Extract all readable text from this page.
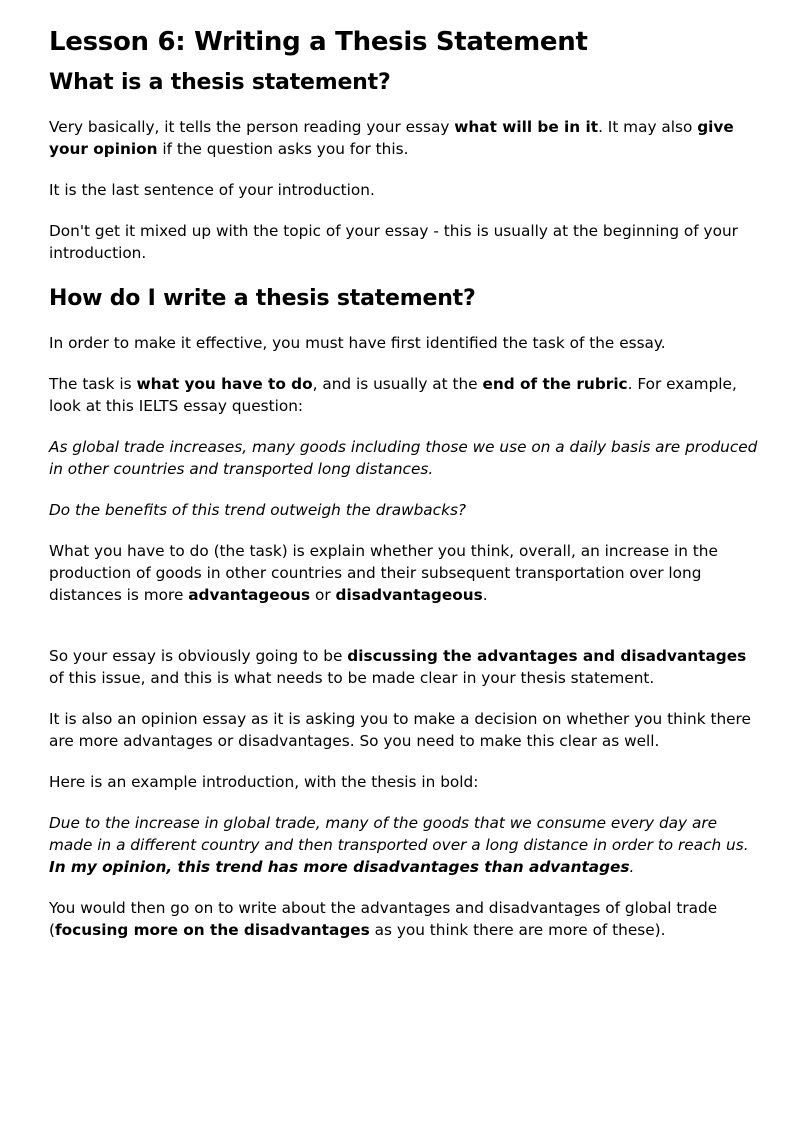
Lesson 6: Writing a Thesis Statement
What is a thesis statement?

Very basically, it tells the person reading your essay what will be in it. It may also give your opinion if the question asks you for this.

It is the last sentence of your introduction.

Don't get it mixed up with the topic of your essay - this is usually at the beginning of your introduction.

How do I write a thesis statement?

In order to make it effective, you must have first identified the task of the essay.

The task is what you have to do, and is usually at the end of the rubric. For example, look at this IELTS essay question:

As global trade increases, many goods including those we use on a daily basis are produced in other countries and transported long distances.

Do the benefits of this trend outweigh the drawbacks?

What you have to do (the task) is explain whether you think, overall, an increase in the production of goods in other countries and their subsequent transportation over long distances is more advantageous or disadvantageous.

So your essay is obviously going to be discussing the advantages and disadvantages of this issue, and this is what needs to be made clear in your thesis statement.

It is also an opinion essay as it is asking you to make a decision on whether you think there are more advantages or disadvantages. So you need to make this clear as well.

Here is an example introduction, with the thesis in bold:

Due to the increase in global trade, many of the goods that we consume every day are made in a different country and then transported over a long distance in order to reach us. In my opinion, this trend has more disadvantages than advantages.

You would then go on to write about the advantages and disadvantages of global trade

(focusing more on the disadvantages as you think there are more of these).
